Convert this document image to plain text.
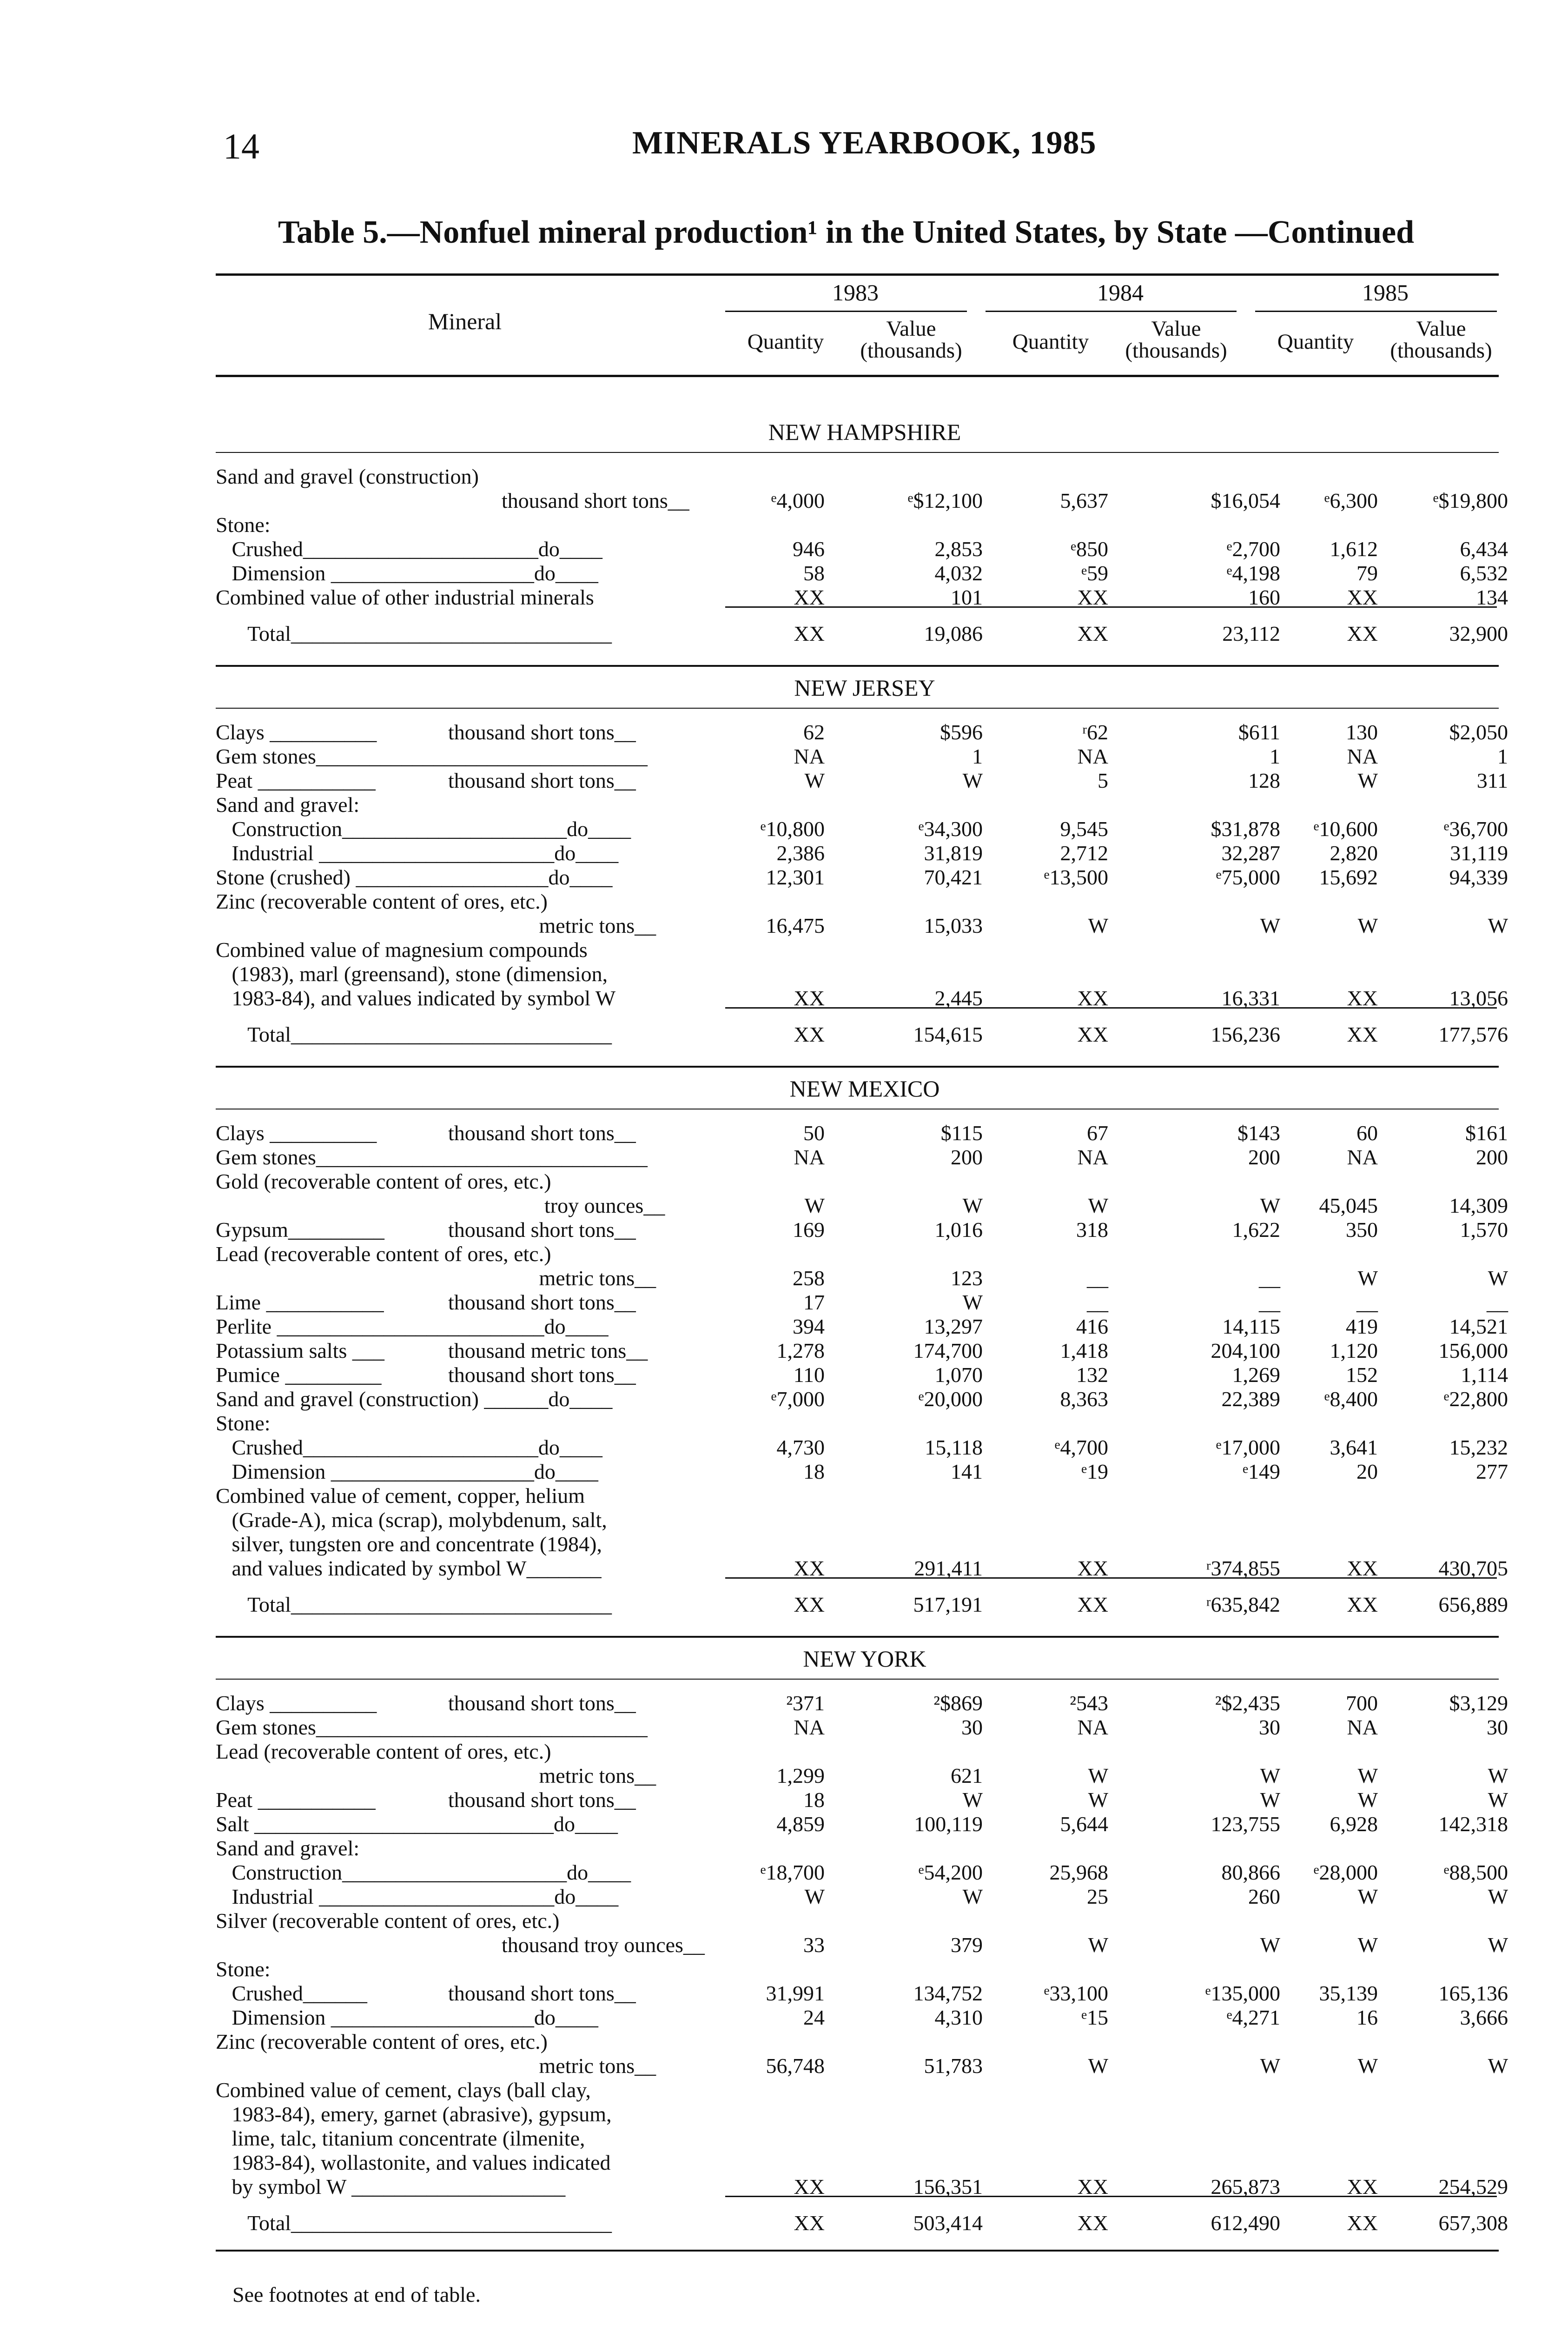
14	MINERALS YEARBOOK, 1985
Table 5.—Nonfuel mineral production¹ in the United States, by State —Continued
Mineral
1983	1984	1985
Quantity
Value
(thousands)	Quantity
Value
(thousands)	Quantity
Value
(thousands)
NEW HAMPSHIRE
Sand and gravel (construction)
thousand short tons__	ᵉ4,000	ᵉ$12,100	5,637	$16,054	ᵉ6,300	ᵉ$19,800
Stone:
Crushed______________________do____	946	2,853	ᵉ850	ᵉ2,700	1,612	6,434
Dimension ___________________do____	58	4,032	ᵉ59	ᵉ4,198	79	6,532
Combined value of other industrial minerals	XX	101	XX	160	XX	134
Total______________________________	XX	19,086	XX	23,112	XX	32,900
NEW JERSEY
Clays __________	thousand short tons__	62	$596	ʳ62	$611	130	$2,050
Gem stones_______________________________	NA	1	NA	1	NA	1
Peat ___________	thousand short tons__	W	W	5	128	W	311
Sand and gravel:
Construction_____________________do____	ᵉ10,800	ᵉ34,300	9,545	$31,878	ᵉ10,600	ᵉ36,700
Industrial ______________________do____	2,386	31,819	2,712	32,287	2,820	31,119
Stone (crushed) __________________do____	12,301	70,421	ᵉ13,500	ᵉ75,000	15,692	94,339
Zinc (recoverable content of ores, etc.)
metric tons__	16,475	15,033	W	W	W	W
Combined value of magnesium compounds
(1983), marl (greensand), stone (dimension,
1983-84), and values indicated by symbol W	XX	2,445	XX	16,331	XX	13,056
Total______________________________	XX	154,615	XX	156,236	XX	177,576
NEW MEXICO
Clays __________	thousand short tons__	50	$115	67	$143	60	$161
Gem stones_______________________________	NA	200	NA	200	NA	200
Gold (recoverable content of ores, etc.)
troy ounces__	W	W	W	W	45,045	14,309
Gypsum_________	thousand short tons__	169	1,016	318	1,622	350	1,570
Lead (recoverable content of ores, etc.)
metric tons__	258	123	__	__	W	W
Lime ___________	thousand short tons__	17	W	__	__	__	__
Perlite _________________________do____	394	13,297	416	14,115	419	14,521
Potassium salts ___	thousand metric tons__	1,278	174,700	1,418	204,100	1,120	156,000
Pumice _________	thousand short tons__	110	1,070	132	1,269	152	1,114
Sand and gravel (construction) ______do____	ᵉ7,000	ᵉ20,000	8,363	22,389	ᵉ8,400	ᵉ22,800
Stone:
Crushed______________________do____	4,730	15,118	ᵉ4,700	ᵉ17,000	3,641	15,232
Dimension ___________________do____	18	141	ᵉ19	ᵉ149	20	277
Combined value of cement, copper, helium
(Grade-A), mica (scrap), molybdenum, salt,
silver, tungsten ore and concentrate (1984),
and values indicated by symbol W_______	XX	291,411	XX	ʳ374,855	XX	430,705
Total______________________________	XX	517,191	XX	ʳ635,842	XX	656,889
NEW YORK
Clays __________	thousand short tons__	²371	²$869	²543	²$2,435	700	$3,129
Gem stones_______________________________	NA	30	NA	30	NA	30
Lead (recoverable content of ores, etc.)
metric tons__	1,299	621	W	W	W	W
Peat ___________	thousand short tons__	18	W	W	W	W	W
Salt ____________________________do____	4,859	100,119	5,644	123,755	6,928	142,318
Sand and gravel:
Construction_____________________do____	ᵉ18,700	ᵉ54,200	25,968	80,866	ᵉ28,000	ᵉ88,500
Industrial ______________________do____	W	W	25	260	W	W
Silver (recoverable content of ores, etc.)
thousand troy ounces__	33	379	W	W	W	W
Stone:
Crushed______	thousand short tons__	31,991	134,752	ᵉ33,100	ᵉ135,000	35,139	165,136
Dimension ___________________do____	24	4,310	ᵉ15	ᵉ4,271	16	3,666
Zinc (recoverable content of ores, etc.)
metric tons__	56,748	51,783	W	W	W	W
Combined value of cement, clays (ball clay,
1983-84), emery, garnet (abrasive), gypsum,
lime, talc, titanium concentrate (ilmenite,
1983-84), wollastonite, and values indicated
by symbol W ____________________	XX	156,351	XX	265,873	XX	254,529
Total______________________________	XX	503,414	XX	612,490	XX	657,308
See footnotes at end of table.
